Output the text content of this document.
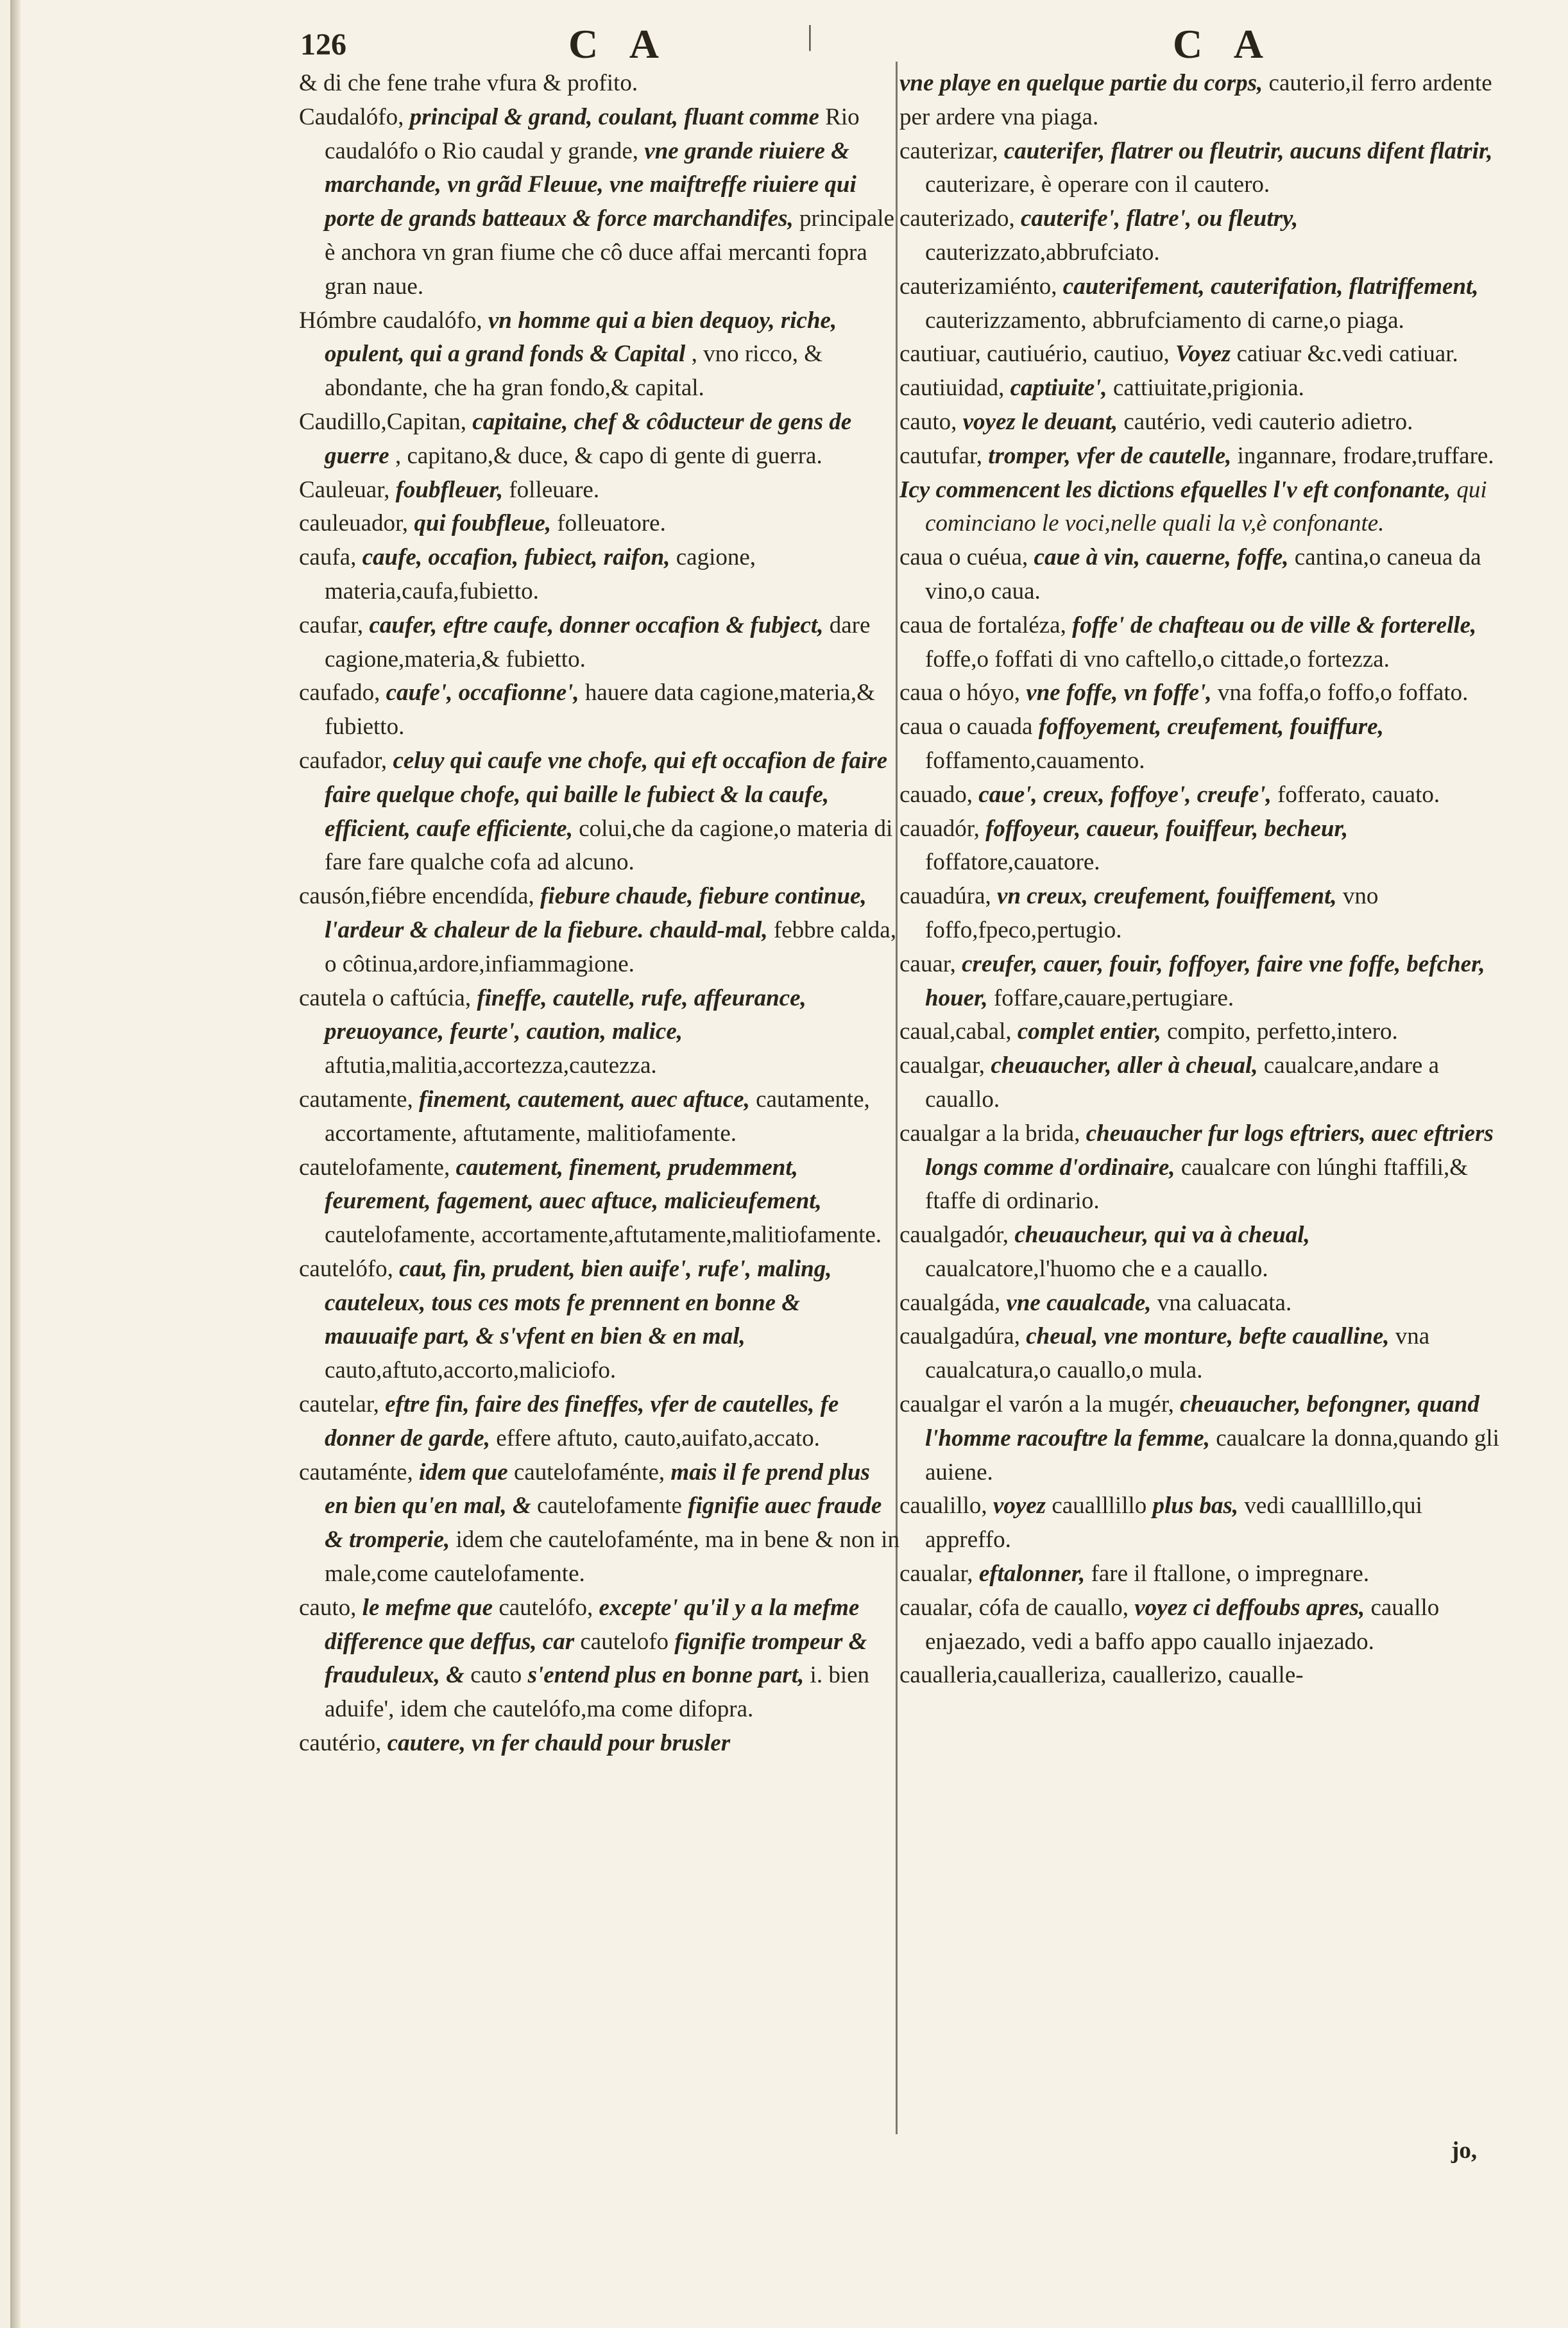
126	C A	|	C A

& di che fene trahe vfura & profito.

Caudalófo, principal & grand, coulant, fluant comme Rio caudalófo o Rio caudal y grande, vne grande riuiere & marchande, vn grãd Fleuue, vne maiftreffe riuiere qui porte de grands batteaux & force marchandifes, principale è anchora vn gran fiume che cô duce affai mercanti fopra gran naue.

Hómbre caudalófo, vn homme qui a bien dequoy, riche, opulent, qui a grand fonds & Capital , vno ricco, & abondante, che ha gran fondo,& capital.

Caudillo,Capitan, capitaine, chef & côducteur de gens de guerre , capitano,& duce, & capo di gente di guerra.

Cauleuar, foubfleuer, folleuare.

cauleuador, qui foubfleue, folleuatore.

caufa, caufe, occafion, fubiect, raifon, cagione, materia,caufa,fubietto.

caufar, caufer, eftre caufe, donner occafion & fubject, dare cagione,materia,& fubietto.

caufado, caufe', occafionne', hauere data cagione,materia,& fubietto.

caufador, celuy qui caufe vne chofe, qui eft occafion de faire faire quelque chofe, qui baille le fubiect & la caufe, efficient, caufe efficiente, colui,che da cagione,o materia di fare fare qualche cofa ad alcuno.

causón,fiébre encendída, fiebure chaude, fiebure continue, l'ardeur & chaleur de la fiebure. chauld-mal, febbre calda, o côtinua,ardore,infiammagione.

cautela o caftúcia, fineffe, cautelle, rufe, affeurance, preuoyance, feurte', caution, malice, aftutia,malitia,accortezza,cautezza.

cautamente, finement, cautement, auec aftuce, cautamente, accortamente, aftutamente, malitiofamente.

cautelofamente, cautement, finement, prudemment, feurement, fagement, auec aftuce, malicieufement, cautelofamente, accortamente,aftutamente,malitiofamente.

cautelófo, caut, fin, prudent, bien auife', rufe', maling, cauteleux, tous ces mots fe prennent en bonne & mauuaife part, & s'vfent en bien & en mal, cauto,aftuto,accorto,maliciofo.

cautelar, eftre fin, faire des fineffes, vfer de cautelles, fe donner de garde, effere aftuto, cauto,auifato,accato.

cautaménte, idem que cautelofaménte, mais il fe prend plus en bien qu'en mal, & cautelofamente fignifie auec fraude & tromperie, idem che cautelofaménte, ma in bene & non in male,come cautelofamente.

cauto, le mefme que cautelófo, excepte' qu'il y a la mefme difference que deffus, car cautelofo fignifie trompeur & frauduleux, & cauto s'entend plus en bonne part, i. bien aduife', idem che cautelófo,ma come difopra.

cautério, cautere, vn fer chauld pour brusler

vne playe en quelque partie du corps, cauterio,il ferro ardente per ardere vna piaga.

cauterizar, cauterifer, flatrer ou fleutrir, aucuns difent flatrir, cauterizare, è operare con il cautero.

cauterizado, cauterife', flatre', ou fleutry, cauterizzato,abbrufciato.

cauterizamiénto, cauterifement, cauterifation, flatriffement, cauterizzamento, abbrufciamento di carne,o piaga.

cautiuar, cautiuério, cautiuo, Voyez catiuar &c.vedi catiuar.

cautiuidad, captiuite', cattiuitate,prigionia.

cauto, voyez le deuant, cautério, vedi cauterio adietro.

cautufar, tromper, vfer de cautelle, ingannare, frodare,truffare.

Icy commencent les dictions efquelles l'v eft confonante, qui cominciano le voci,nelle quali la v,è confonante.

caua o cuéua, caue à vin, cauerne, foffe, cantina,o caneua da vino,o caua.

caua de fortaléza, foffe' de chafteau ou de ville & forterelle, foffe,o foffati di vno caftello,o cittade,o fortezza.

caua o hóyo, vne foffe, vn foffe', vna foffa,o foffo,o foffato.

caua o cauada foffoyement, creufement, fouiffure, foffamento,cauamento.

cauado, caue', creux, foffoye', creufe', fofferato, cauato.

cauadór, foffoyeur, caueur, fouiffeur, becheur, foffatore,cauatore.

cauadúra, vn creux, creufement, fouiffement, vno foffo,fpeco,pertugio.

cauar, creufer, cauer, fouir, foffoyer, faire vne foffe, befcher, houer, foffare,cauare,pertugiare.

caual,cabal, complet entier, compito, perfetto,intero.

caualgar, cheuaucher, aller à cheual, caualcare,andare a cauallo.

caualgar a la brida, cheuaucher fur logs eftriers, auec eftriers longs comme d'ordinaire, caualcare con lúnghi ftaffili,& ftaffe di ordinario.

caualgadór, cheuaucheur, qui va à cheual, caualcatore,l'huomo che e a cauallo.

caualgáda, vne caualcade, vna caluacata.

caualgadúra, cheual, vne monture, befte caualline, vna caualcatura,o cauallo,o mula.

caualgar el varón a la mugér, cheuaucher, befongner, quand l'homme racouftre la femme, caualcare la donna,quando gli auiene.

caualillo, voyez caualllillo plus bas, vedi caualllillo,qui appreffo.

caualar, eftalonner, fare il ftallone, o impregnare.

caualar, cófa de cauallo, voyez ci deffoubs apres, cauallo enjaezado, vedi a baffo appo cauallo injaezado.

caualleria,caualleriza, cauallerizo, caualle-

jo,
